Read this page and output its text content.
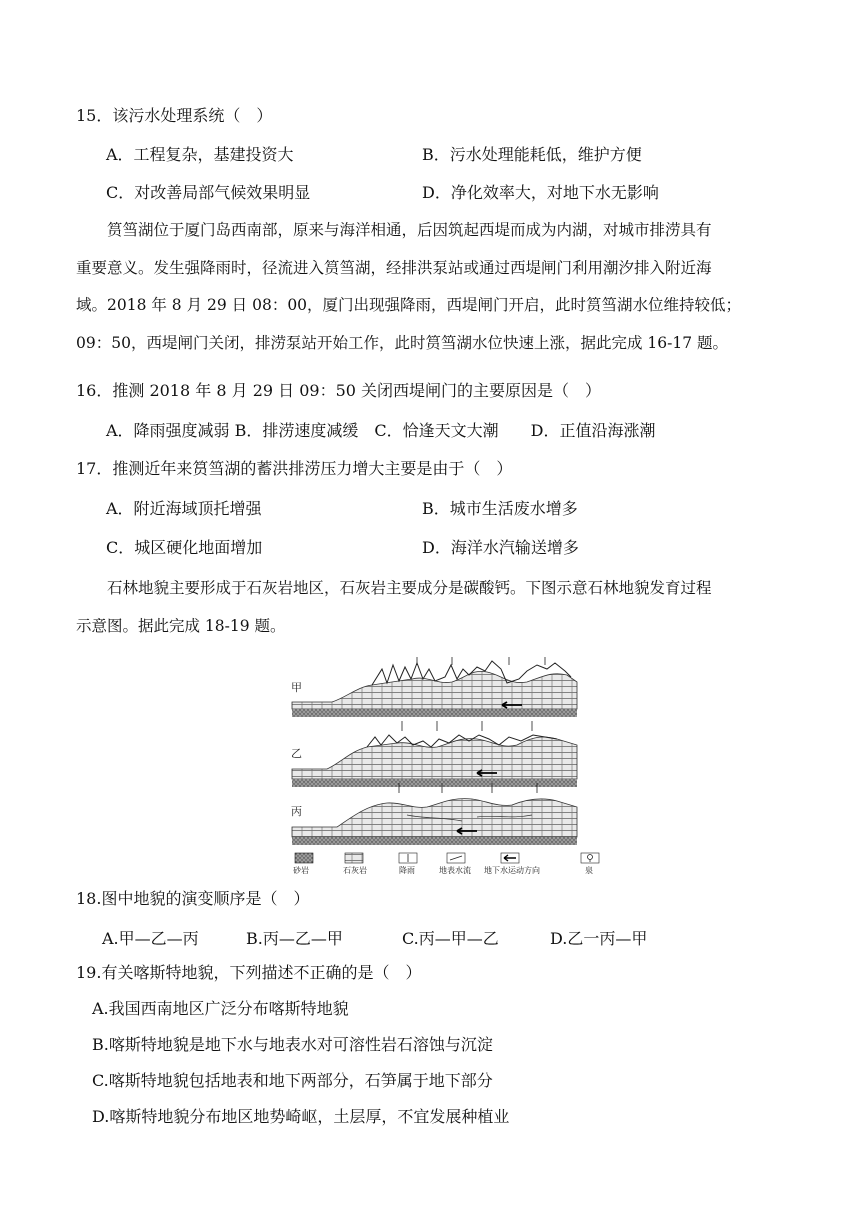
15．该污水处理系统（　）
A．工程复杂，基建投资大	B．污水处理能耗低，维护方便
C．对改善局部气候效果明显	D．净化效率大，对地下水无影响
　　筼筜湖位于厦门岛西南部，原来与海洋相通，后因筑起西堤而成为内湖，对城市排涝具有
重要意义。发生强降雨时，径流进入筼筜湖，经排洪泵站或通过西堤闸门利用潮汐排入附近海
域。2018 年 8 月 29 日 08：00，厦门出现强降雨，西堤闸门开启，此时筼筜湖水位维持较低；
09：50，西堤闸门关闭，排涝泵站开始工作，此时筼筜湖水位快速上涨，据此完成 16-17 题。
16．推测 2018 年 8 月 29 日 09：50 关闭西堤闸门的主要原因是（　）
A．降雨强度减弱 B．排涝速度减缓　C．恰逢天文大潮　　D．正值沿海涨潮
17．推测近年来筼筜湖的蓄洪排涝压力增大主要是由于（　）
A．附近海域顶托增强	B．城市生活废水增多
C．城区硬化地面增加	D．海洋水汽输送增多
　　石林地貌主要形成于石灰岩地区，石灰岩主要成分是碳酸钙。下图示意石林地貌发育过程
示意图。据此完成 18-19 题。
甲
乙
丙
砂岩	石灰岩	降雨	地表水流 地下水运动方向	泉
18.图中地貌的演变顺序是（　）
A.甲—乙—丙	B.丙—乙—甲	C.丙—甲—乙	D.乙一丙—甲
19.有关喀斯特地貌，下列描述不正确的是（　）
A.我国西南地区广泛分布喀斯特地貌
B.喀斯特地貌是地下水与地表水对可溶性岩石溶蚀与沉淀
C.喀斯特地貌包括地表和地下两部分，石笋属于地下部分
D.喀斯特地貌分布地区地势崎岖，土层厚，不宜发展种植业
